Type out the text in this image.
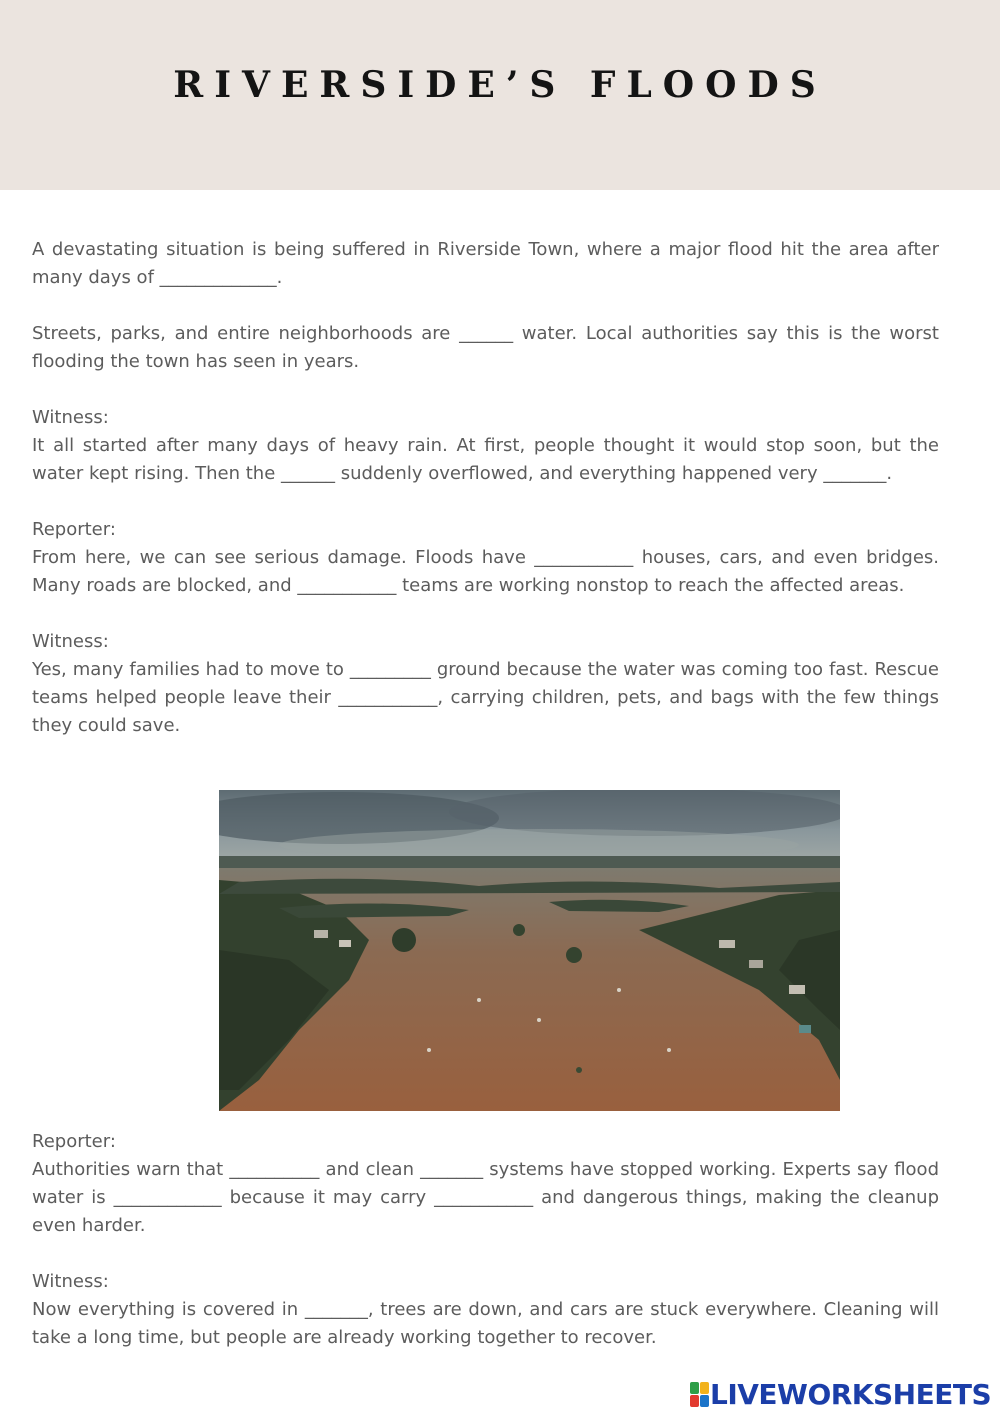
RIVERSIDE’S FLOODS

A devastating situation is being suffered in Riverside Town, where a major flood hit the area after many days of _____________.

Streets, parks, and entire neighborhoods are ______ water. Local authorities say this is the worst flooding the town has seen in years.

Witness:
It all started after many days of heavy rain. At first, people thought it would stop soon, but the water kept rising. Then the ______ suddenly overflowed, and everything happened very _______.

Reporter:
From here, we can see serious damage. Floods have ___________ houses, cars, and even bridges. Many roads are blocked, and ___________ teams are working nonstop to reach the affected areas.

Witness:
Yes, many families had to move to _________ ground because the water was coming too fast. Rescue teams helped people leave their ___________, carrying children, pets, and bags with the few things they could save.

Reporter:
Authorities warn that __________ and clean _______ systems have stopped working. Experts say flood water is ____________ because it may carry ___________ and dangerous things, making the cleanup even harder.

Witness:
Now everything is covered in _______, trees are down, and cars are stuck everywhere. Cleaning will take a long time, but people are already working together to recover.

LIVEWORKSHEETS
